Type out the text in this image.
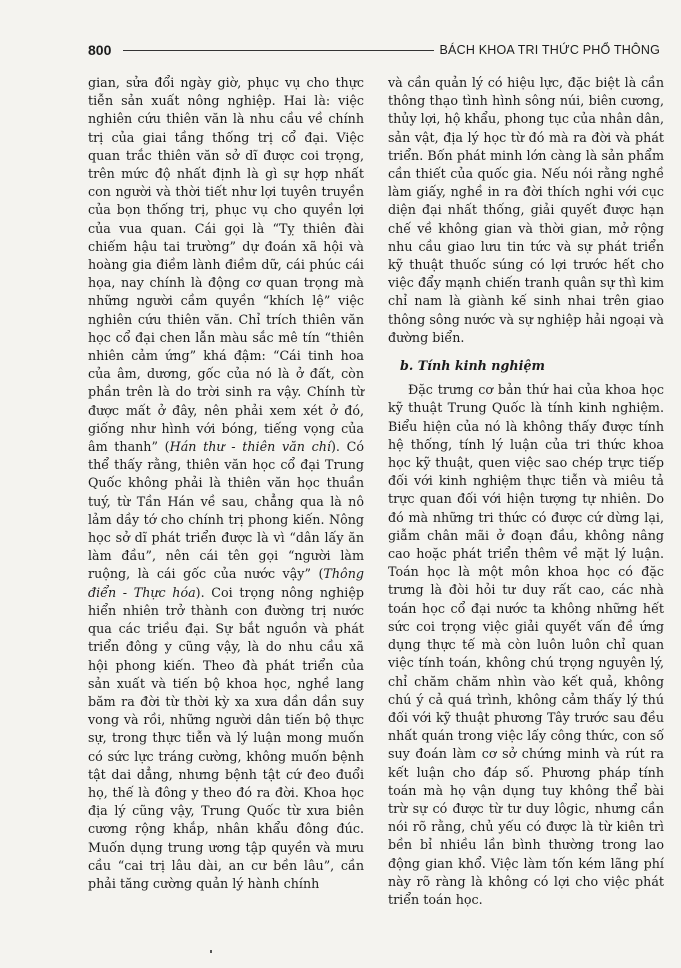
800	BÁCH KHOA TRI THỨC PHỔ THÔNG

gian, sửa đổi ngày giờ, phục vụ cho thực tiễn sản xuất nông nghiệp. Hai là: việc nghiên cứu thiên văn là nhu cầu về chính trị của giai tầng thống trị cổ đại. Việc quan trắc thiên văn sở dĩ được coi trọng, trên mức độ nhất định là gì sự hợp nhất con người và thời tiết như lợi tuyên truyền của bọn thống trị, phục vụ cho quyền lợi của vua quan. Cái gọi là “Tỵ thiên đài chiếm hậu tai trường” dự đoán xã hội và hoàng gia điềm lành điềm dữ, cái phúc cái họa, nay chính là động cơ quan trọng mà những người cầm quyền “khích lệ” việc nghiên cứu thiên văn. Chỉ trích thiên văn học cổ đại chen lẫn màu sắc mê tín “thiên nhiên cảm ứng” khá đậm: “Cái tinh hoa của âm, dương, gốc của nó là ở đất, còn phần trên là do trời sinh ra vậy. Chính từ được mất ở đây, nên phải xem xét ở đó, giống như hình với bóng, tiếng vọng của âm thanh” (Hán thư - thiên văn chí). Có thể thấy rằng, thiên văn học cổ đại Trung Quốc không phải là thiên văn học thuần tuý, từ Tần Hán về sau, chẳng qua là nô lảm dầy tớ cho chính trị phong kiến. Nông học sở dĩ phát triển được là vì “dân lấy ăn làm đầu”, nên cái tên gọi “người làm ruộng, là cái gốc của nước vậy” (Thông điển - Thực hóa). Coi trọng nông nghiệp hiển nhiên trở thành con đường trị nước qua các triều đại. Sự bắt nguồn và phát triển đông y cũng vậy, là do nhu cầu xã hội phong kiến. Theo đà phát triển của sản xuất và tiến bộ khoa học, nghề lang băm ra đời từ thời kỳ xa xưa dần dần suy vong và rồi, những người dân tiến bộ thực sự, trong thực tiễn và lý luận mong muốn có sức lực tráng cường, không muốn bệnh tật dai dẳng, nhưng bệnh tật cứ đeo đuổi họ, thế là đông y theo đó ra đời. Khoa học địa lý cũng vậy, Trung Quốc từ xưa biên cương rộng khắp, nhân khẩu đông đúc. Muốn dụng trung ương tập quyền và mưu cầu “cai trị lâu dài, an cư bền lâu”, cần phải tăng cường quản lý hành chính

và cần quản lý có hiệu lực, đặc biệt là cần thông thạo tình hình sông núi, biên cương, thủy lợi, hộ khẩu, phong tục của nhân dân, sản vật, địa lý học từ đó mà ra đời và phát triển. Bốn phát minh lớn càng là sản phẩm cần thiết của quốc gia. Nếu nói rằng nghề làm giấy, nghề in ra đời thích nghi với cục diện đại nhất thống, giải quyết được hạn chế về không gian và thời gian, mở rộng nhu cầu giao lưu tin tức và sự phát triển kỹ thuật thuốc súng có lợi trước hết cho việc đẩy mạnh chiến tranh quân sự thì kim chỉ nam là giành kế sinh nhai trên giao thông sông nước và sự nghiệp hải ngoại và đường biển.

b. Tính kinh nghiệm

Đặc trưng cơ bản thứ hai của khoa học kỹ thuật Trung Quốc là tính kinh nghiệm. Biểu hiện của nó là không thấy được tính hệ thống, tính lý luận của tri thức khoa học kỹ thuật, quen việc sao chép trực tiếp đối với kinh nghiệm thực tiễn và miêu tả trực quan đối với hiện tượng tự nhiên. Do đó mà những tri thức có được cứ dừng lại, giẫm chân mãi ở đoạn đầu, không nâng cao hoặc phát triển thêm về mặt lý luận. Toán học là một môn khoa học có đặc trưng là đòi hỏi tư duy rất cao, các nhà toán học cổ đại nước ta không những hết sức coi trọng việc giải quyết vấn đề ứng dụng thực tế mà còn luôn luôn chỉ quan việc tính toán, không chú trọng nguyên lý, chỉ chăm chăm nhìn vào kết quả, không chú ý cả quá trình, không cảm thấy lý thú đối với kỹ thuật phương Tây trước sau đều nhất quán trong việc lấy công thức, con số suy đoán làm cơ sở chứng minh và rút ra kết luận cho đáp số. Phương pháp tính toán mà họ vận dụng tuy không thể bài trừ sự có được từ tư duy lôgic, nhưng cần nói rõ rằng, chủ yếu có được là từ kiên trì bền bỉ nhiều lần bình thường trong lao động gian khổ. Việc làm tốn kém lãng phí này rõ ràng là không có lợi cho việc phát triển toán học.
